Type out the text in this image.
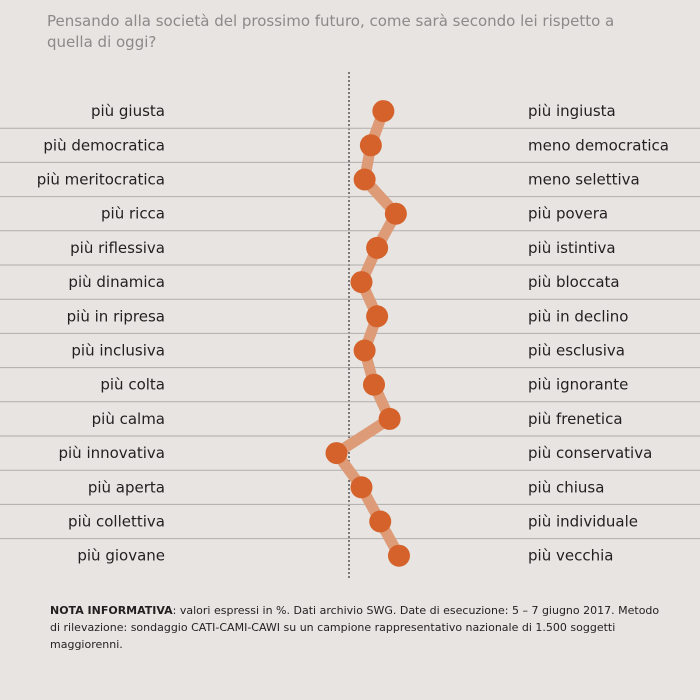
Pensando alla società del prossimo futuro, come sarà secondo lei rispetto a quella di oggi?
più giusta
più democratica
più meritocratica
più ricca
più riflessiva
più dinamica
più in ripresa
più inclusiva
più colta
più calma
più innovativa
più aperta
più collettiva
più giovane
più ingiusta
meno democratica
meno selettiva
più povera
più istintiva
più bloccata
più in declino
più esclusiva
più ignorante
più frenetica
più conservativa
più chiusa
più individuale
più vecchia
NOTA INFORMATIVA: valori espressi in %. Dati archivio SWG. Date di esecuzione: 5 – 7 giugno 2017. Metodo di rilevazione: sondaggio CATI-CAMI-CAWI su un campione rappresentativo nazionale di 1.500 soggetti maggiorenni.
